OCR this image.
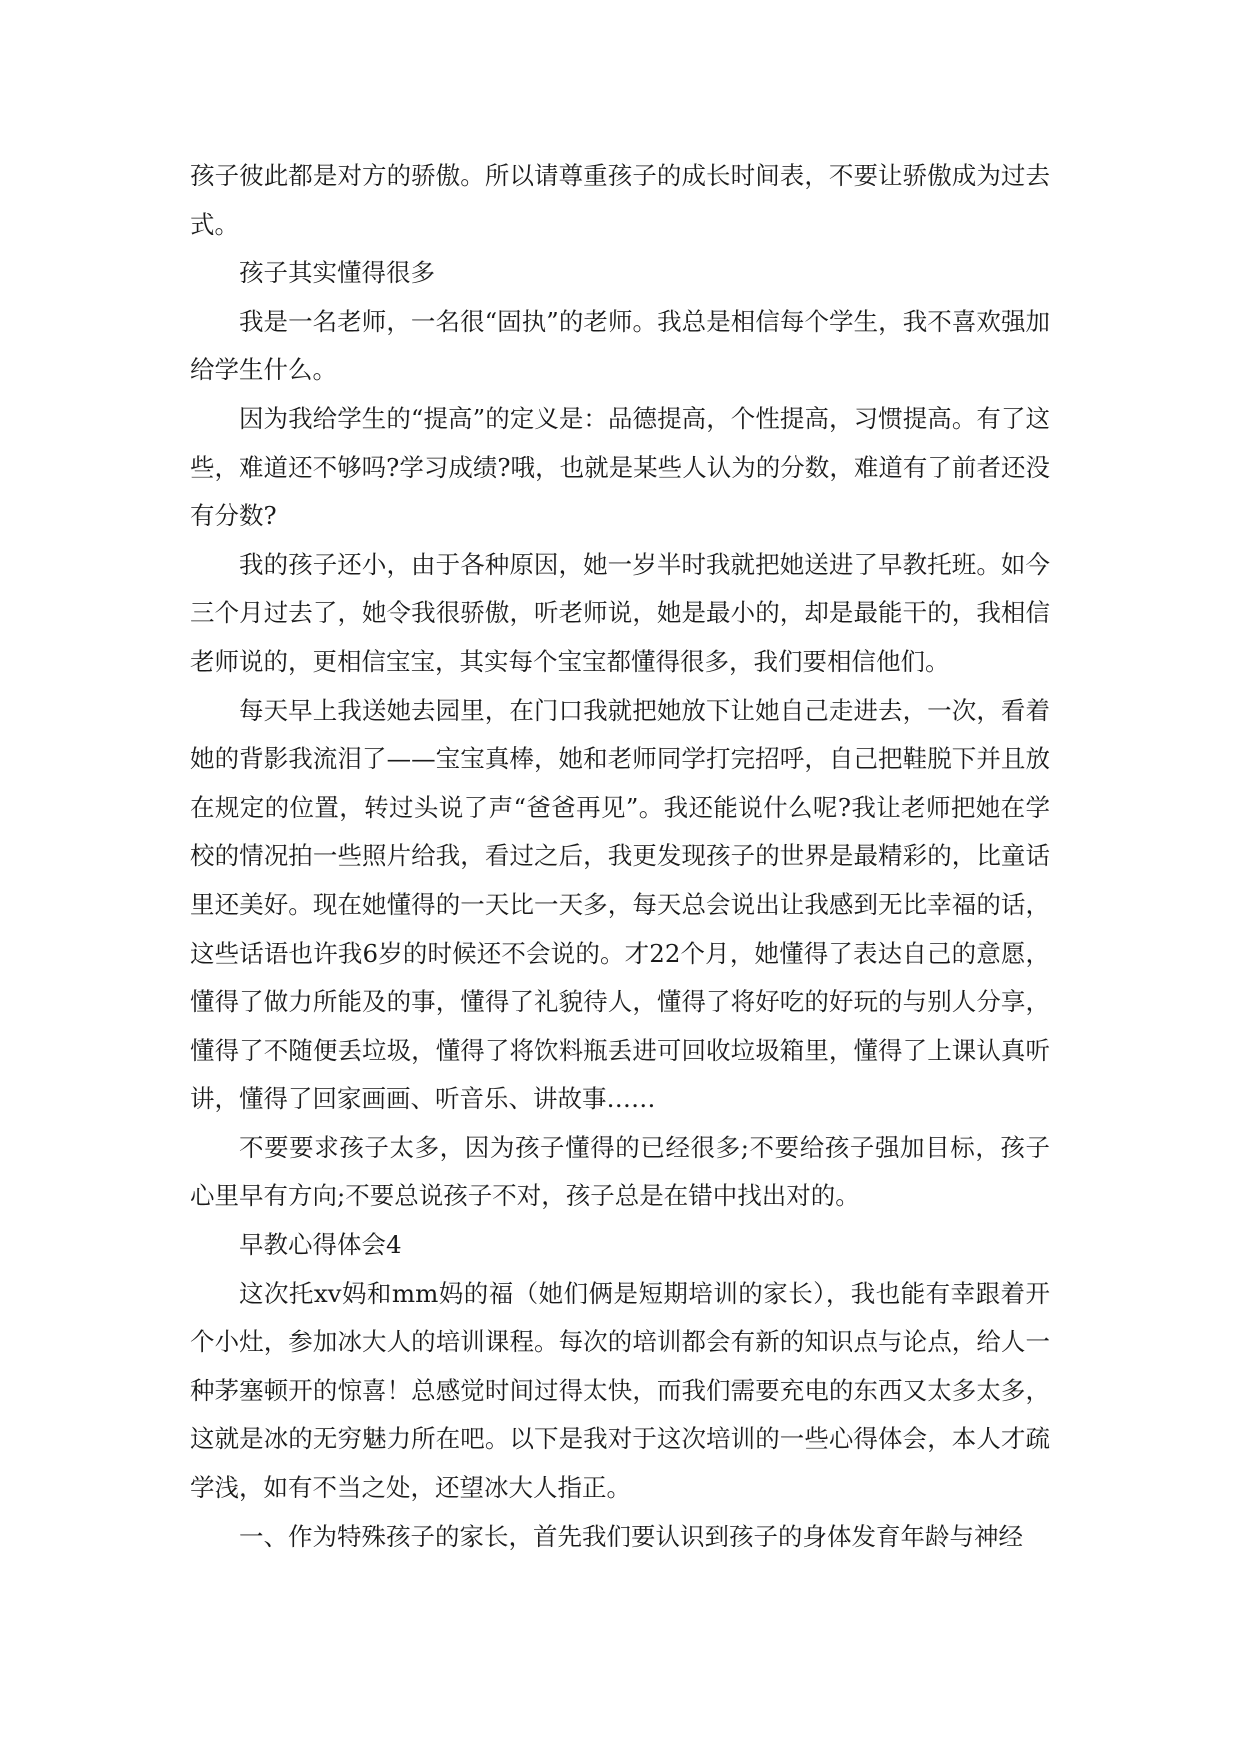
孩子彼此都是对方的骄傲。所以请尊重孩子的成长时间表，不要让骄傲成为过去式。

孩子其实懂得很多

我是一名老师，一名很“固执”的老师。我总是相信每个学生，我不喜欢强加给学生什么。

因为我给学生的“提高”的定义是：品德提高，个性提高，习惯提高。有了这些，难道还不够吗?学习成绩?哦，也就是某些人认为的分数，难道有了前者还没有分数?

我的孩子还小，由于各种原因，她一岁半时我就把她送进了早教托班。如今三个月过去了，她令我很骄傲，听老师说，她是最小的，却是最能干的，我相信老师说的，更相信宝宝，其实每个宝宝都懂得很多，我们要相信他们。

每天早上我送她去园里，在门口我就把她放下让她自己走进去，一次，看着她的背影我流泪了——宝宝真棒，她和老师同学打完招呼，自己把鞋脱下并且放在规定的位置，转过头说了声“爸爸再见”。我还能说什么呢?我让老师把她在学校的情况拍一些照片给我，看过之后，我更发现孩子的世界是最精彩的，比童话里还美好。现在她懂得的一天比一天多，每天总会说出让我感到无比幸福的话，这些话语也许我6岁的时候还不会说的。才22个月，她懂得了表达自己的意愿，懂得了做力所能及的事，懂得了礼貌待人，懂得了将好吃的好玩的与别人分享，懂得了不随便丢垃圾，懂得了将饮料瓶丢进可回收垃圾箱里，懂得了上课认真听讲，懂得了回家画画、听音乐、讲故事……

不要要求孩子太多，因为孩子懂得的已经很多;不要给孩子强加目标，孩子心里早有方向;不要总说孩子不对，孩子总是在错中找出对的。

早教心得体会4

这次托xv妈和mm妈的福（她们俩是短期培训的家长），我也能有幸跟着开个小灶，参加冰大人的培训课程。每次的培训都会有新的知识点与论点，给人一种茅塞顿开的惊喜！总感觉时间过得太快，而我们需要充电的东西又太多太多，这就是冰的无穷魅力所在吧。以下是我对于这次培训的一些心得体会，本人才疏学浅，如有不当之处，还望冰大人指正。

一、作为特殊孩子的家长，首先我们要认识到孩子的身体发育年龄与神经
